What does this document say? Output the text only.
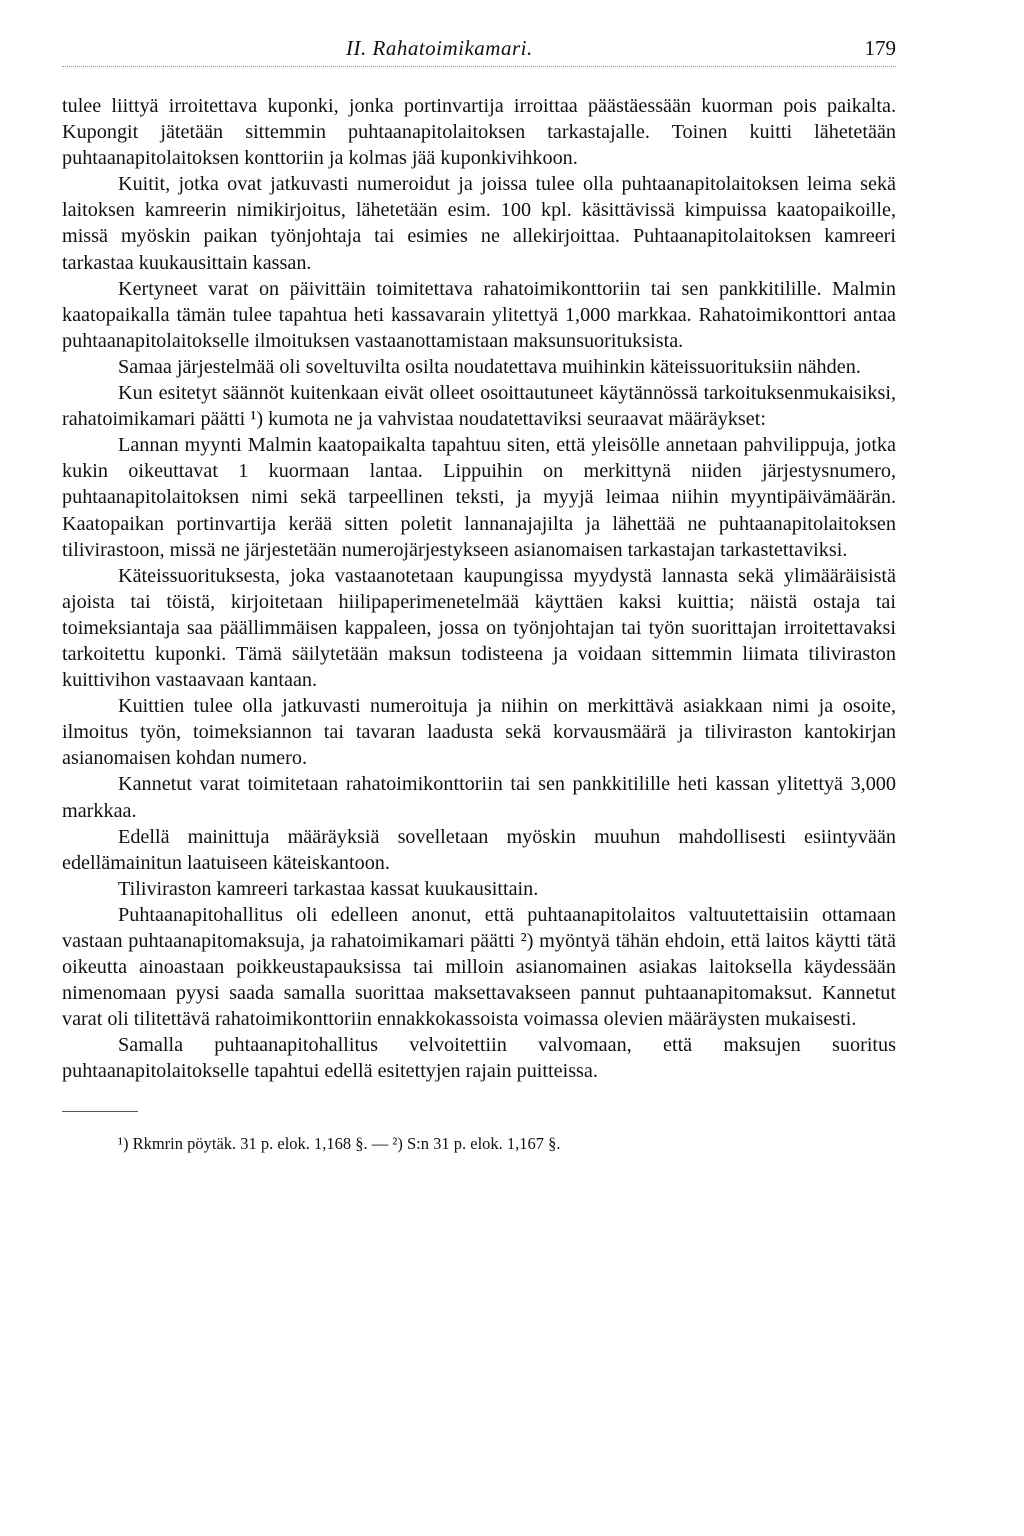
II. Rahatoimikamari.	179

tulee liittyä irroitettava kuponki, jonka portinvartija irroittaa päästäessään kuorman pois paikalta. Kupongit jätetään sittemmin puhtaanapitolaitoksen tarkastajalle. Toinen kuitti lähetetään puhtaanapitolaitoksen konttoriin ja kolmas jää kuponkivihkoon.

Kuitit, jotka ovat jatkuvasti numeroidut ja joissa tulee olla puhtaanapitolaitoksen leima sekä laitoksen kamreerin nimikirjoitus, lähetetään esim. 100 kpl. käsittävissä kimpuissa kaatopaikoille, missä myöskin paikan työnjohtaja tai esimies ne allekirjoittaa. Puhtaanapitolaitoksen kamreeri tarkastaa kuukausittain kassan.

Kertyneet varat on päivittäin toimitettava rahatoimikonttoriin tai sen pankkitilille. Malmin kaatopaikalla tämän tulee tapahtua heti kassavarain ylitettyä 1,000 markkaa. Rahatoimikonttori antaa puhtaanapitolaitokselle ilmoituksen vastaanottamistaan maksunsuorituksista.

Samaa järjestelmää oli soveltuvilta osilta noudatettava muihinkin käteissuorituksiin nähden.

Kun esitetyt säännöt kuitenkaan eivät olleet osoittautuneet käytännössä tarkoituksenmukaisiksi, rahatoimikamari päätti ¹) kumota ne ja vahvistaa noudatettaviksi seuraavat määräykset:

Lannan myynti Malmin kaatopaikalta tapahtuu siten, että yleisölle annetaan pahvilippuja, jotka kukin oikeuttavat 1 kuormaan lantaa. Lippuihin on merkittynä niiden järjestysnumero, puhtaanapitolaitoksen nimi sekä tarpeellinen teksti, ja myyjä leimaa niihin myyntipäivämäärän. Kaatopaikan portinvartija kerää sitten poletit lannanajajilta ja lähettää ne puhtaanapitolaitoksen tilivirastoon, missä ne järjestetään numerojärjestykseen asianomaisen tarkastajan tarkastettaviksi.

Käteissuorituksesta, joka vastaanotetaan kaupungissa myydystä lannasta sekä ylimääräisistä ajoista tai töistä, kirjoitetaan hiilipaperimenetelmää käyttäen kaksi kuittia; näistä ostaja tai toimeksiantaja saa päällimmäisen kappaleen, jossa on työnjohtajan tai työn suorittajan irroitettavaksi tarkoitettu kuponki. Tämä säilytetään maksun todisteena ja voidaan sittemmin liimata tiliviraston kuittivihon vastaavaan kantaan.

Kuittien tulee olla jatkuvasti numeroituja ja niihin on merkittävä asiakkaan nimi ja osoite, ilmoitus työn, toimeksiannon tai tavaran laadusta sekä korvausmäärä ja tiliviraston kantokirjan asianomaisen kohdan numero.

Kannetut varat toimitetaan rahatoimikonttoriin tai sen pankkitilille heti kassan ylitettyä 3,000 markkaa.

Edellä mainittuja määräyksiä sovelletaan myöskin muuhun mahdollisesti esiintyvään edellämainitun laatuiseen käteiskantoon.

Tiliviraston kamreeri tarkastaa kassat kuukausittain.

Puhtaanapitohallitus oli edelleen anonut, että puhtaanapitolaitos valtuutettaisiin ottamaan vastaan puhtaanapitomaksuja, ja rahatoimikamari päätti ²) myöntyä tähän ehdoin, että laitos käytti tätä oikeutta ainoastaan poikkeustapauksissa tai milloin asianomainen asiakas laitoksella käydessään nimenomaan pyysi saada samalla suorittaa maksettavakseen pannut puhtaanapitomaksut. Kannetut varat oli tilitettävä rahatoimikonttoriin ennakkokassoista voimassa olevien määräysten mukaisesti.

Samalla puhtaanapitohallitus velvoitettiin valvomaan, että maksujen suoritus puhtaanapitolaitokselle tapahtui edellä esitettyjen rajain puitteissa.

¹) Rkmrin pöytäk. 31 p. elok. 1,168 §. — ²) S:n 31 p. elok. 1,167 §.
